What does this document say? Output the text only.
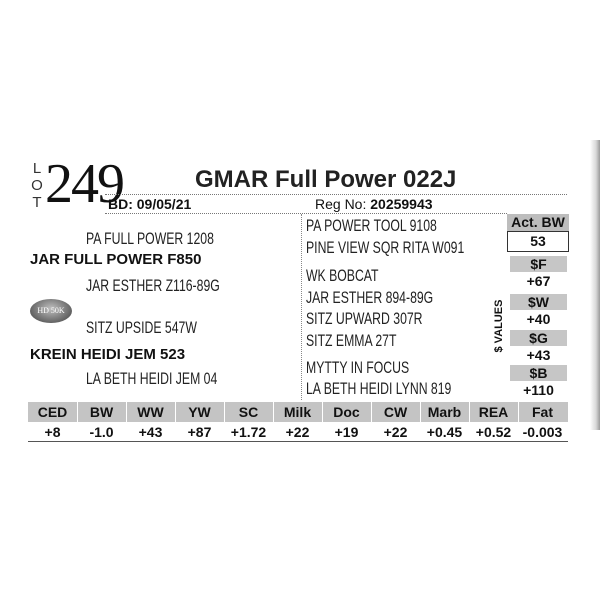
L
O
T 249	GMAR Full Power 022J
BD: 09/05/21	Reg No: 20259943
PA FULL POWER 1208
JAR FULL POWER F850
JAR ESTHER Z116-89G
HD 50K
SITZ UPSIDE 547W
KREIN HEIDI JEM 523
LA BETH HEIDI JEM 04
PA POWER TOOL 9108
PINE VIEW SQR RITA W091
WK BOBCAT
JAR ESTHER 894-89G
SITZ UPWARD 307R
SITZ EMMA 27T
MYTTY IN FOCUS
LA BETH HEIDI LYNN 819
$ VALUES
Act. BW
53
$F
+67
$W
+40
$G
+43
$B
+110
CED	BW	WW	YW	SC	Milk	Doc	CW	Marb	REA	Fat
+8	-1.0	+43	+87	+1.72	+22	+19	+22	+0.45 +0.52 -0.003
